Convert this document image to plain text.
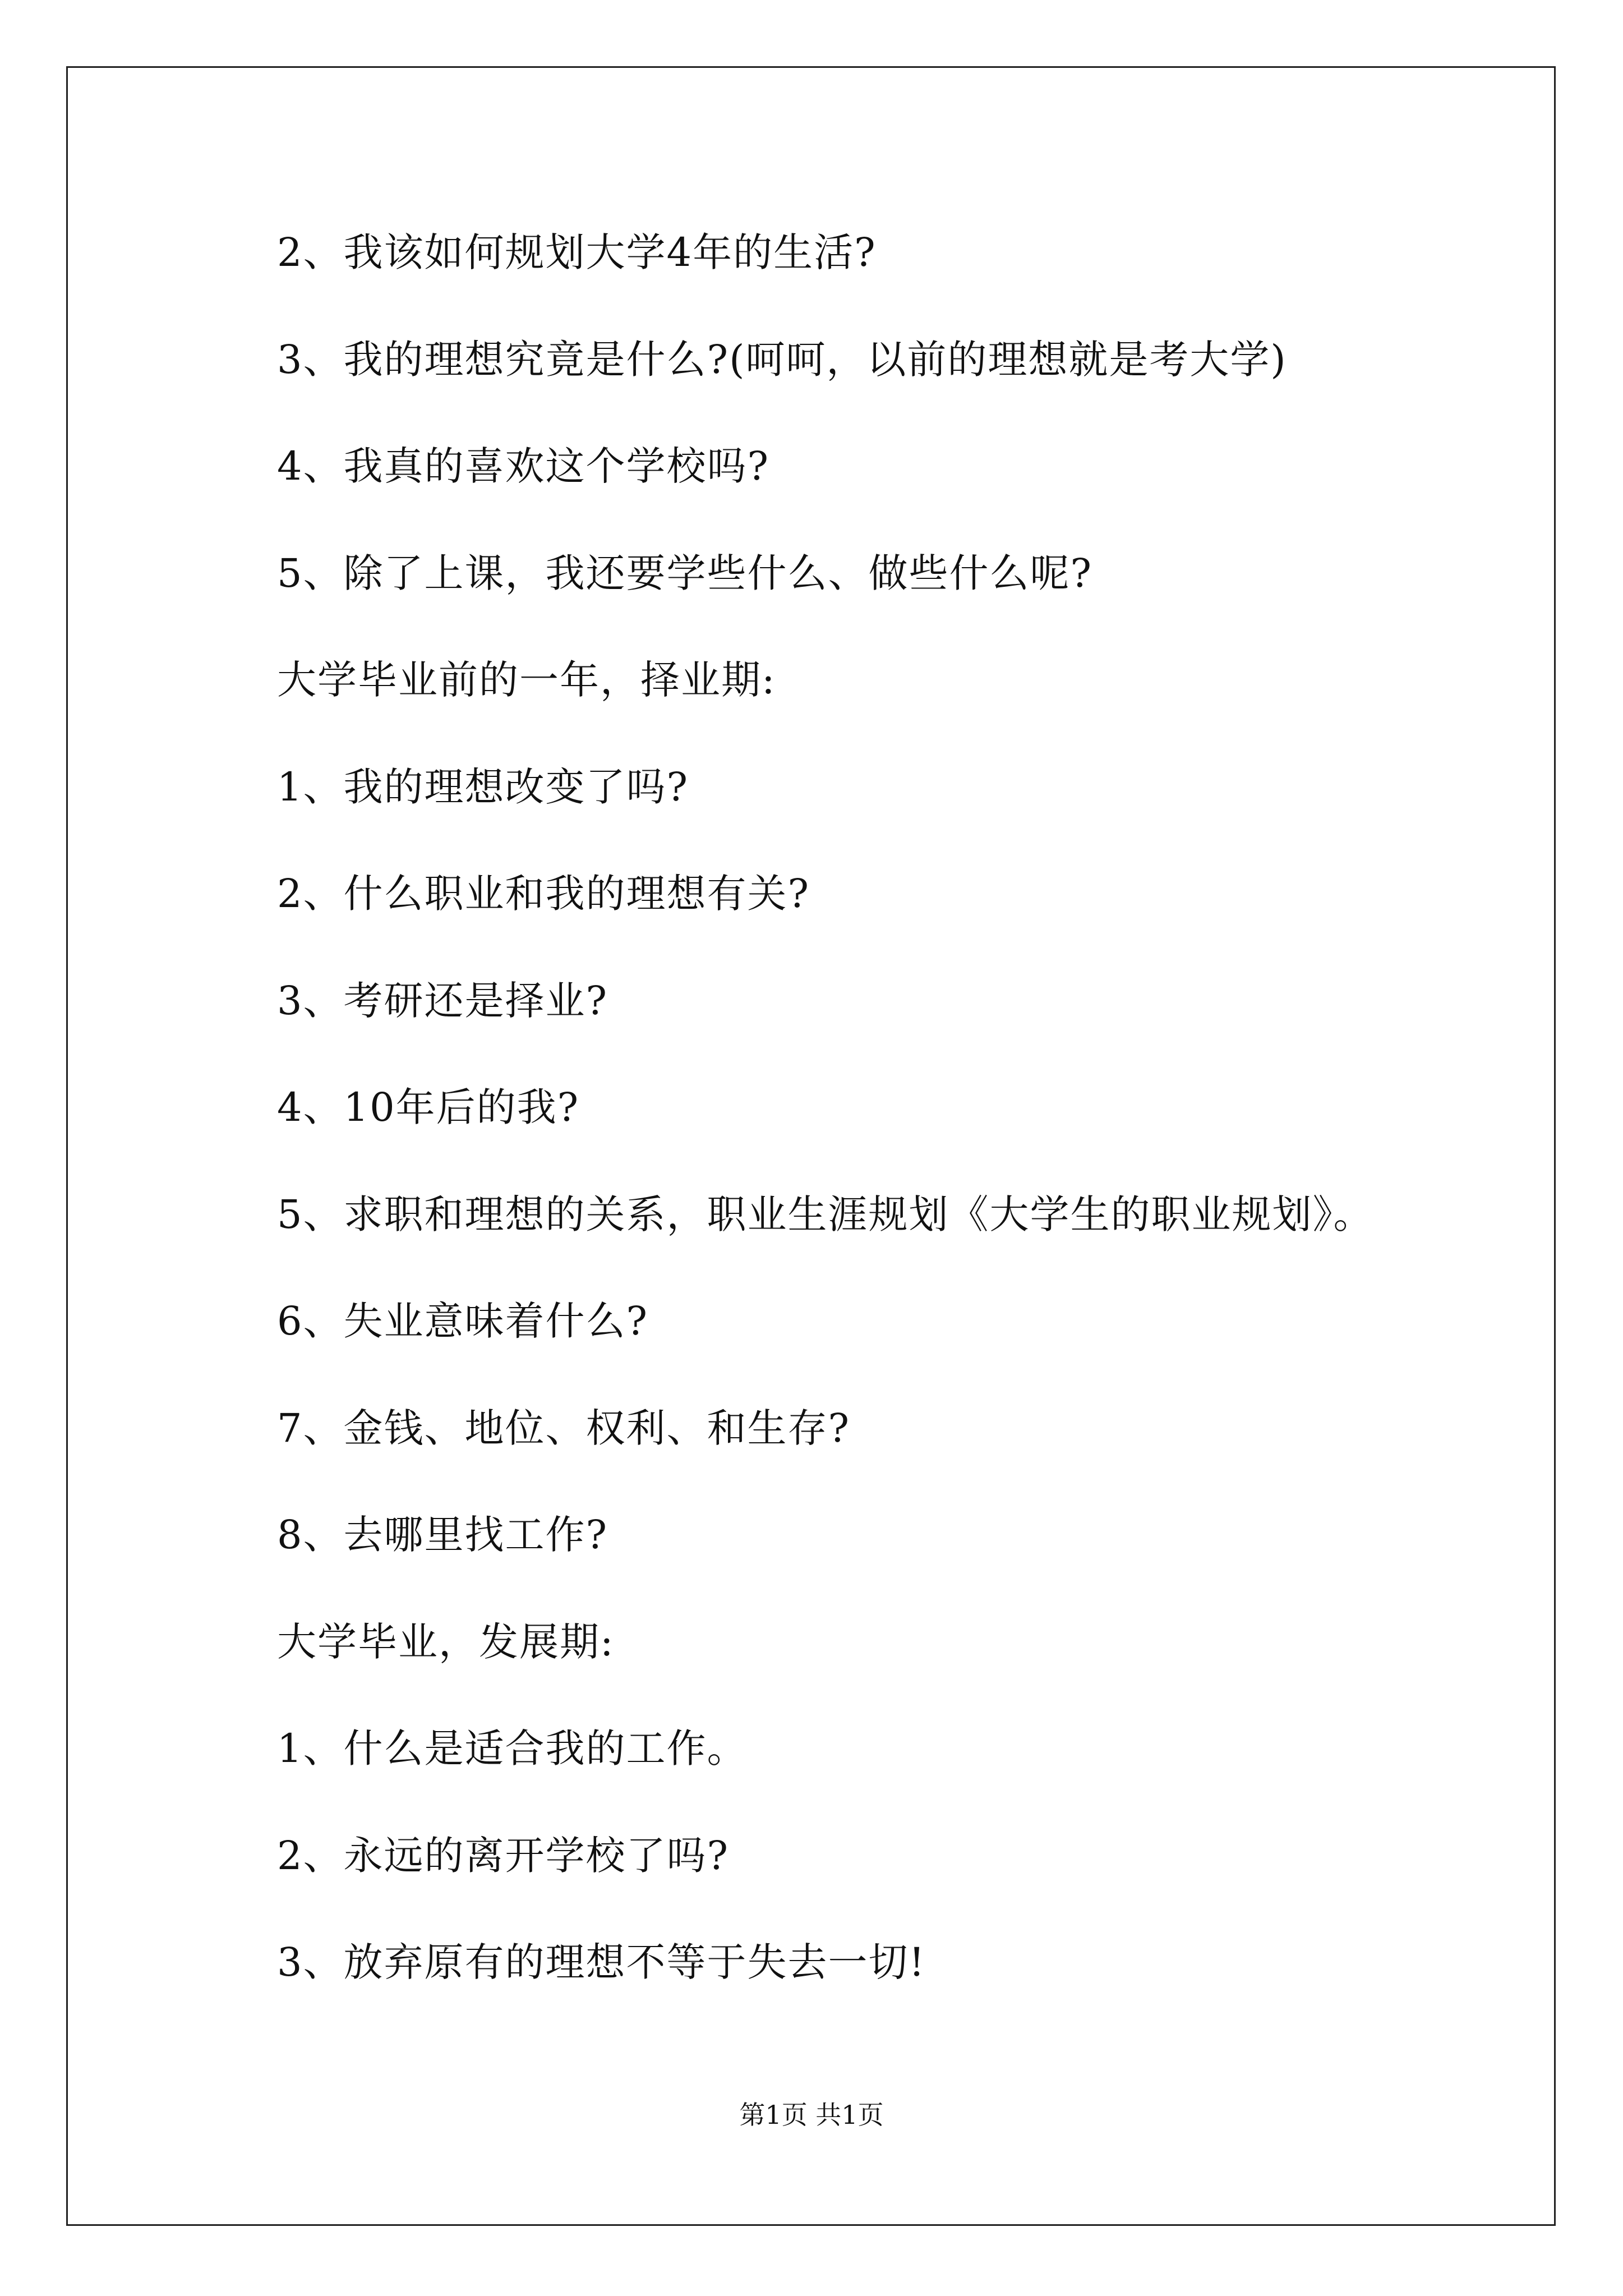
2、我该如何规划大学4年的生活?
3、我的理想究竟是什么?(呵呵，以前的理想就是考大学)
4、我真的喜欢这个学校吗?
5、除了上课，我还要学些什么、做些什么呢?
大学毕业前的一年，择业期:
1、我的理想改变了吗?
2、什么职业和我的理想有关?
3、考研还是择业?
4、10年后的我?
5、求职和理想的关系，职业生涯规划《大学生的职业规划》。
6、失业意味着什么?
7、金钱、地位、权利、和生存?
8、去哪里找工作?
大学毕业，发展期:
1、什么是适合我的工作。
2、永远的离开学校了吗?
3、放弃原有的理想不等于失去一切!
第1页 共1页
